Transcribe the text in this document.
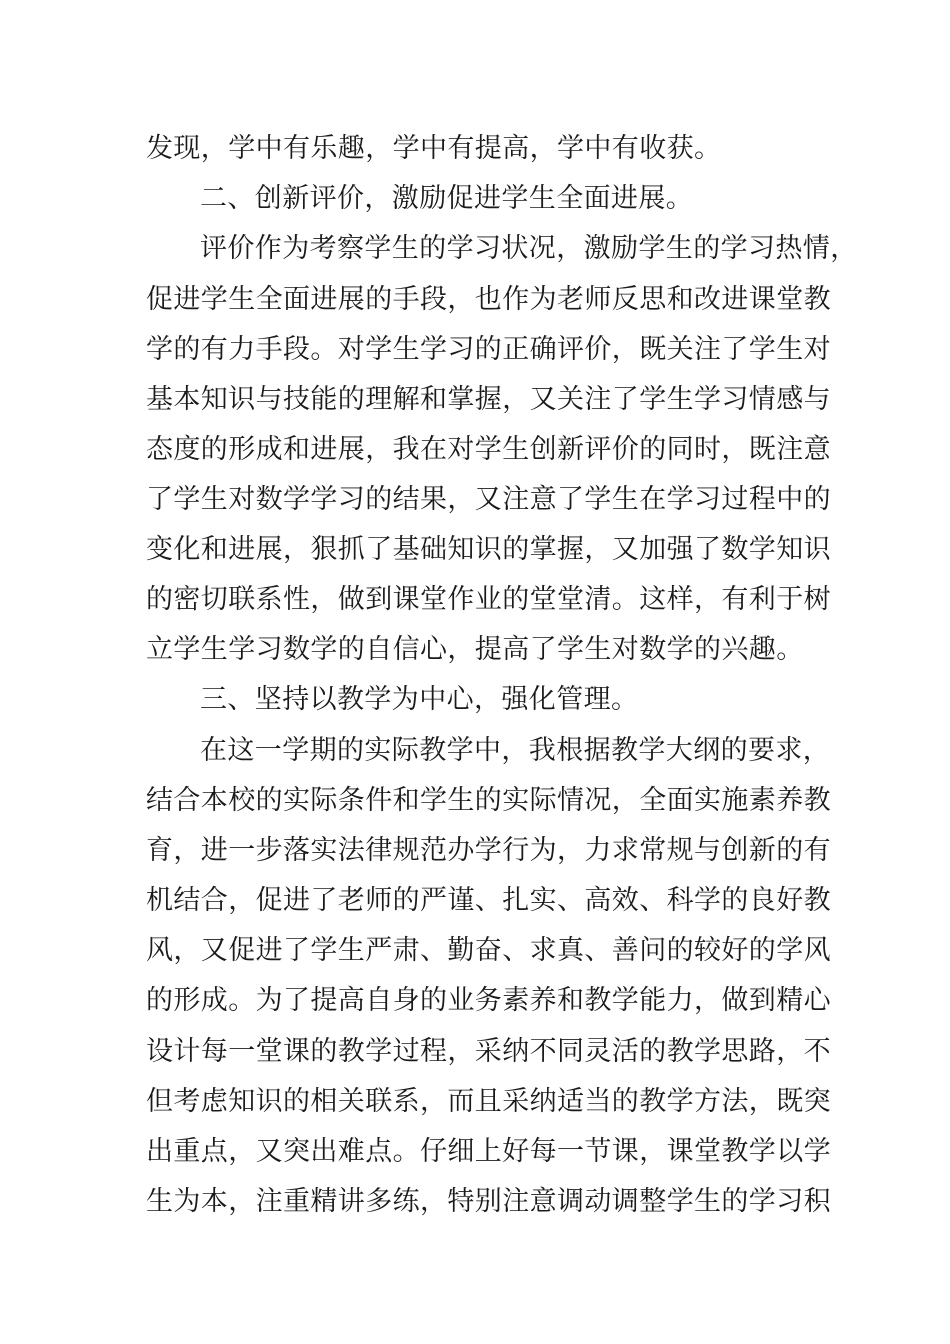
发现，学中有乐趣，学中有提高，学中有收获。
二、创新评价，激励促进学生全面进展。
评价作为考察学生的学习状况，激励学生的学习热情，
促进学生全面进展的手段，也作为老师反思和改进课堂教
学的有力手段。对学生学习的正确评价，既关注了学生对
基本知识与技能的理解和掌握，又关注了学生学习情感与
态度的形成和进展，我在对学生创新评价的同时，既注意
了学生对数学学习的结果，又注意了学生在学习过程中的
变化和进展，狠抓了基础知识的掌握，又加强了数学知识
的密切联系性，做到课堂作业的堂堂清。这样，有利于树
立学生学习数学的自信心，提高了学生对数学的兴趣。
三、坚持以教学为中心，强化管理。
在这一学期的实际教学中，我根据教学大纲的要求，
结合本校的实际条件和学生的实际情况，全面实施素养教
育，进一步落实法律规范办学行为，力求常规与创新的有
机结合，促进了老师的严谨、扎实、高效、科学的良好教
风，又促进了学生严肃、勤奋、求真、善问的较好的学风
的形成。为了提高自身的业务素养和教学能力，做到精心
设计每一堂课的教学过程，采纳不同灵活的教学思路，不
但考虑知识的相关联系，而且采纳适当的教学方法，既突
出重点，又突出难点。仔细上好每一节课，课堂教学以学
生为本，注重精讲多练，特别注意调动调整学生的学习积
